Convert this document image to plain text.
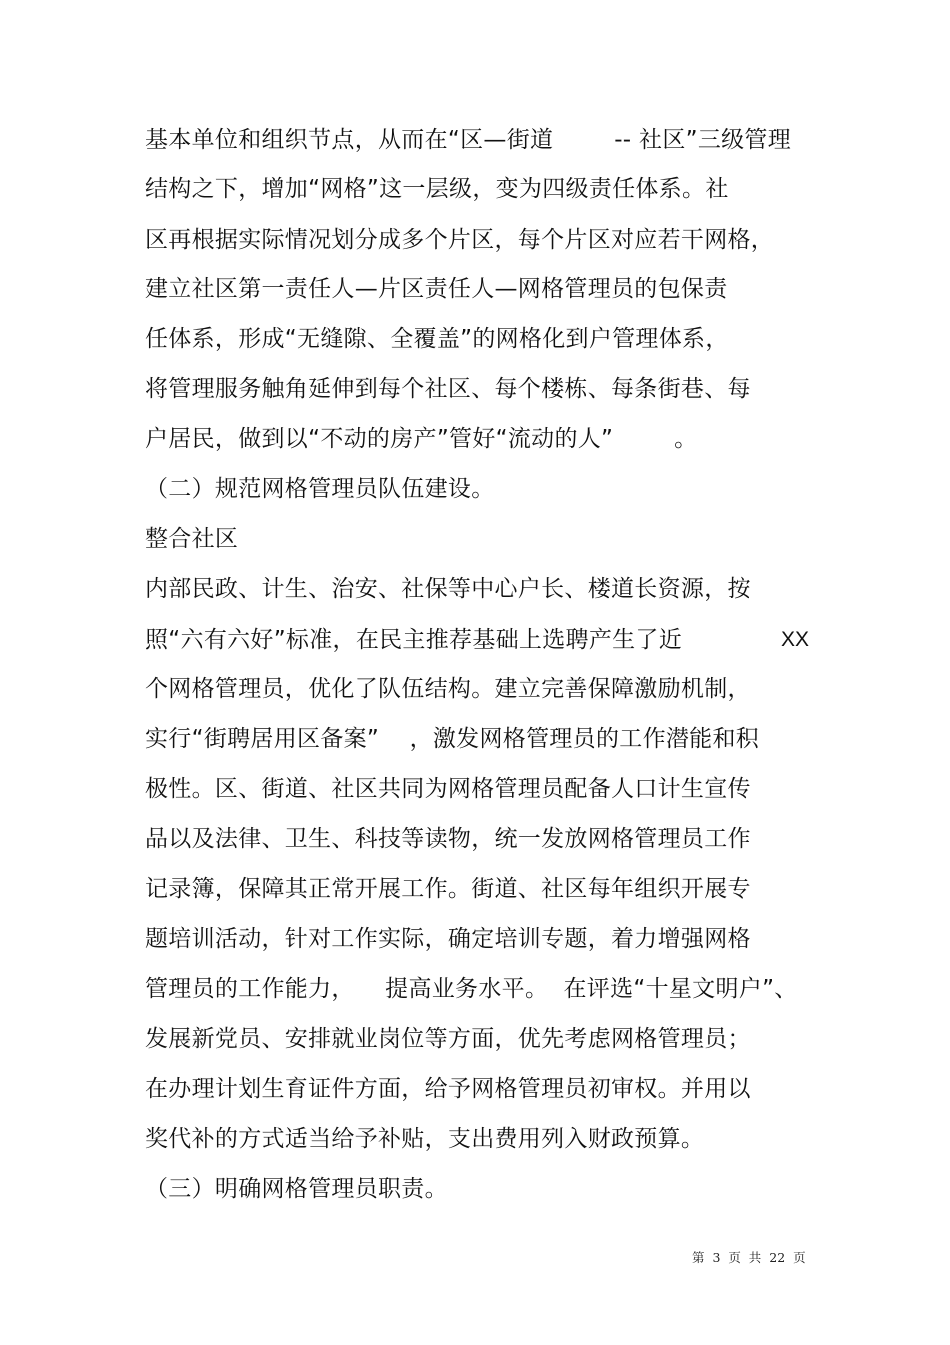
基本单位和组织节点，从而在“区—街道        -- 社区”三级管理
结构之下，增加“网格”这一层级，变为四级责任体系。社
区再根据实际情况划分成多个片区，每个片区对应若干网格，
建立社区第一责任人—片区责任人—网格管理员的包保责
任体系，形成“无缝隙、全覆盖”的网格化到户管理体系，
将管理服务触角延伸到每个社区、每个楼栋、每条街巷、每
户居民，做到以“不动的房产”管好“流动的人”        。
（二）规范网格管理员队伍建设。
整合社区
内部民政、计生、治安、社保等中心户长、楼道长资源，按
照“六有六好”标准，在民主推荐基础上选聘产生了近	XX
个网格管理员，优化了队伍结构。建立完善保障激励机制，
实行“街聘居用区备案”    ，激发网格管理员的工作潜能和积
极性。区、街道、社区共同为网格管理员配备人口计生宣传
品以及法律、卫生、科技等读物，统一发放网格管理员工作
记录簿，保障其正常开展工作。街道、社区每年组织开展专
题培训活动，针对工作实际，确定培训专题，着力增强网格
管理员的工作能力，    提高业务水平。  在评选“十星文明户”、
发展新党员、安排就业岗位等方面，优先考虑网格管理员；
在办理计划生育证件方面，给予网格管理员初审权。并用以
奖代补的方式适当给予补贴，支出费用列入财政预算。
（三）明确网格管理员职责。
第  3  页  共  22  页
